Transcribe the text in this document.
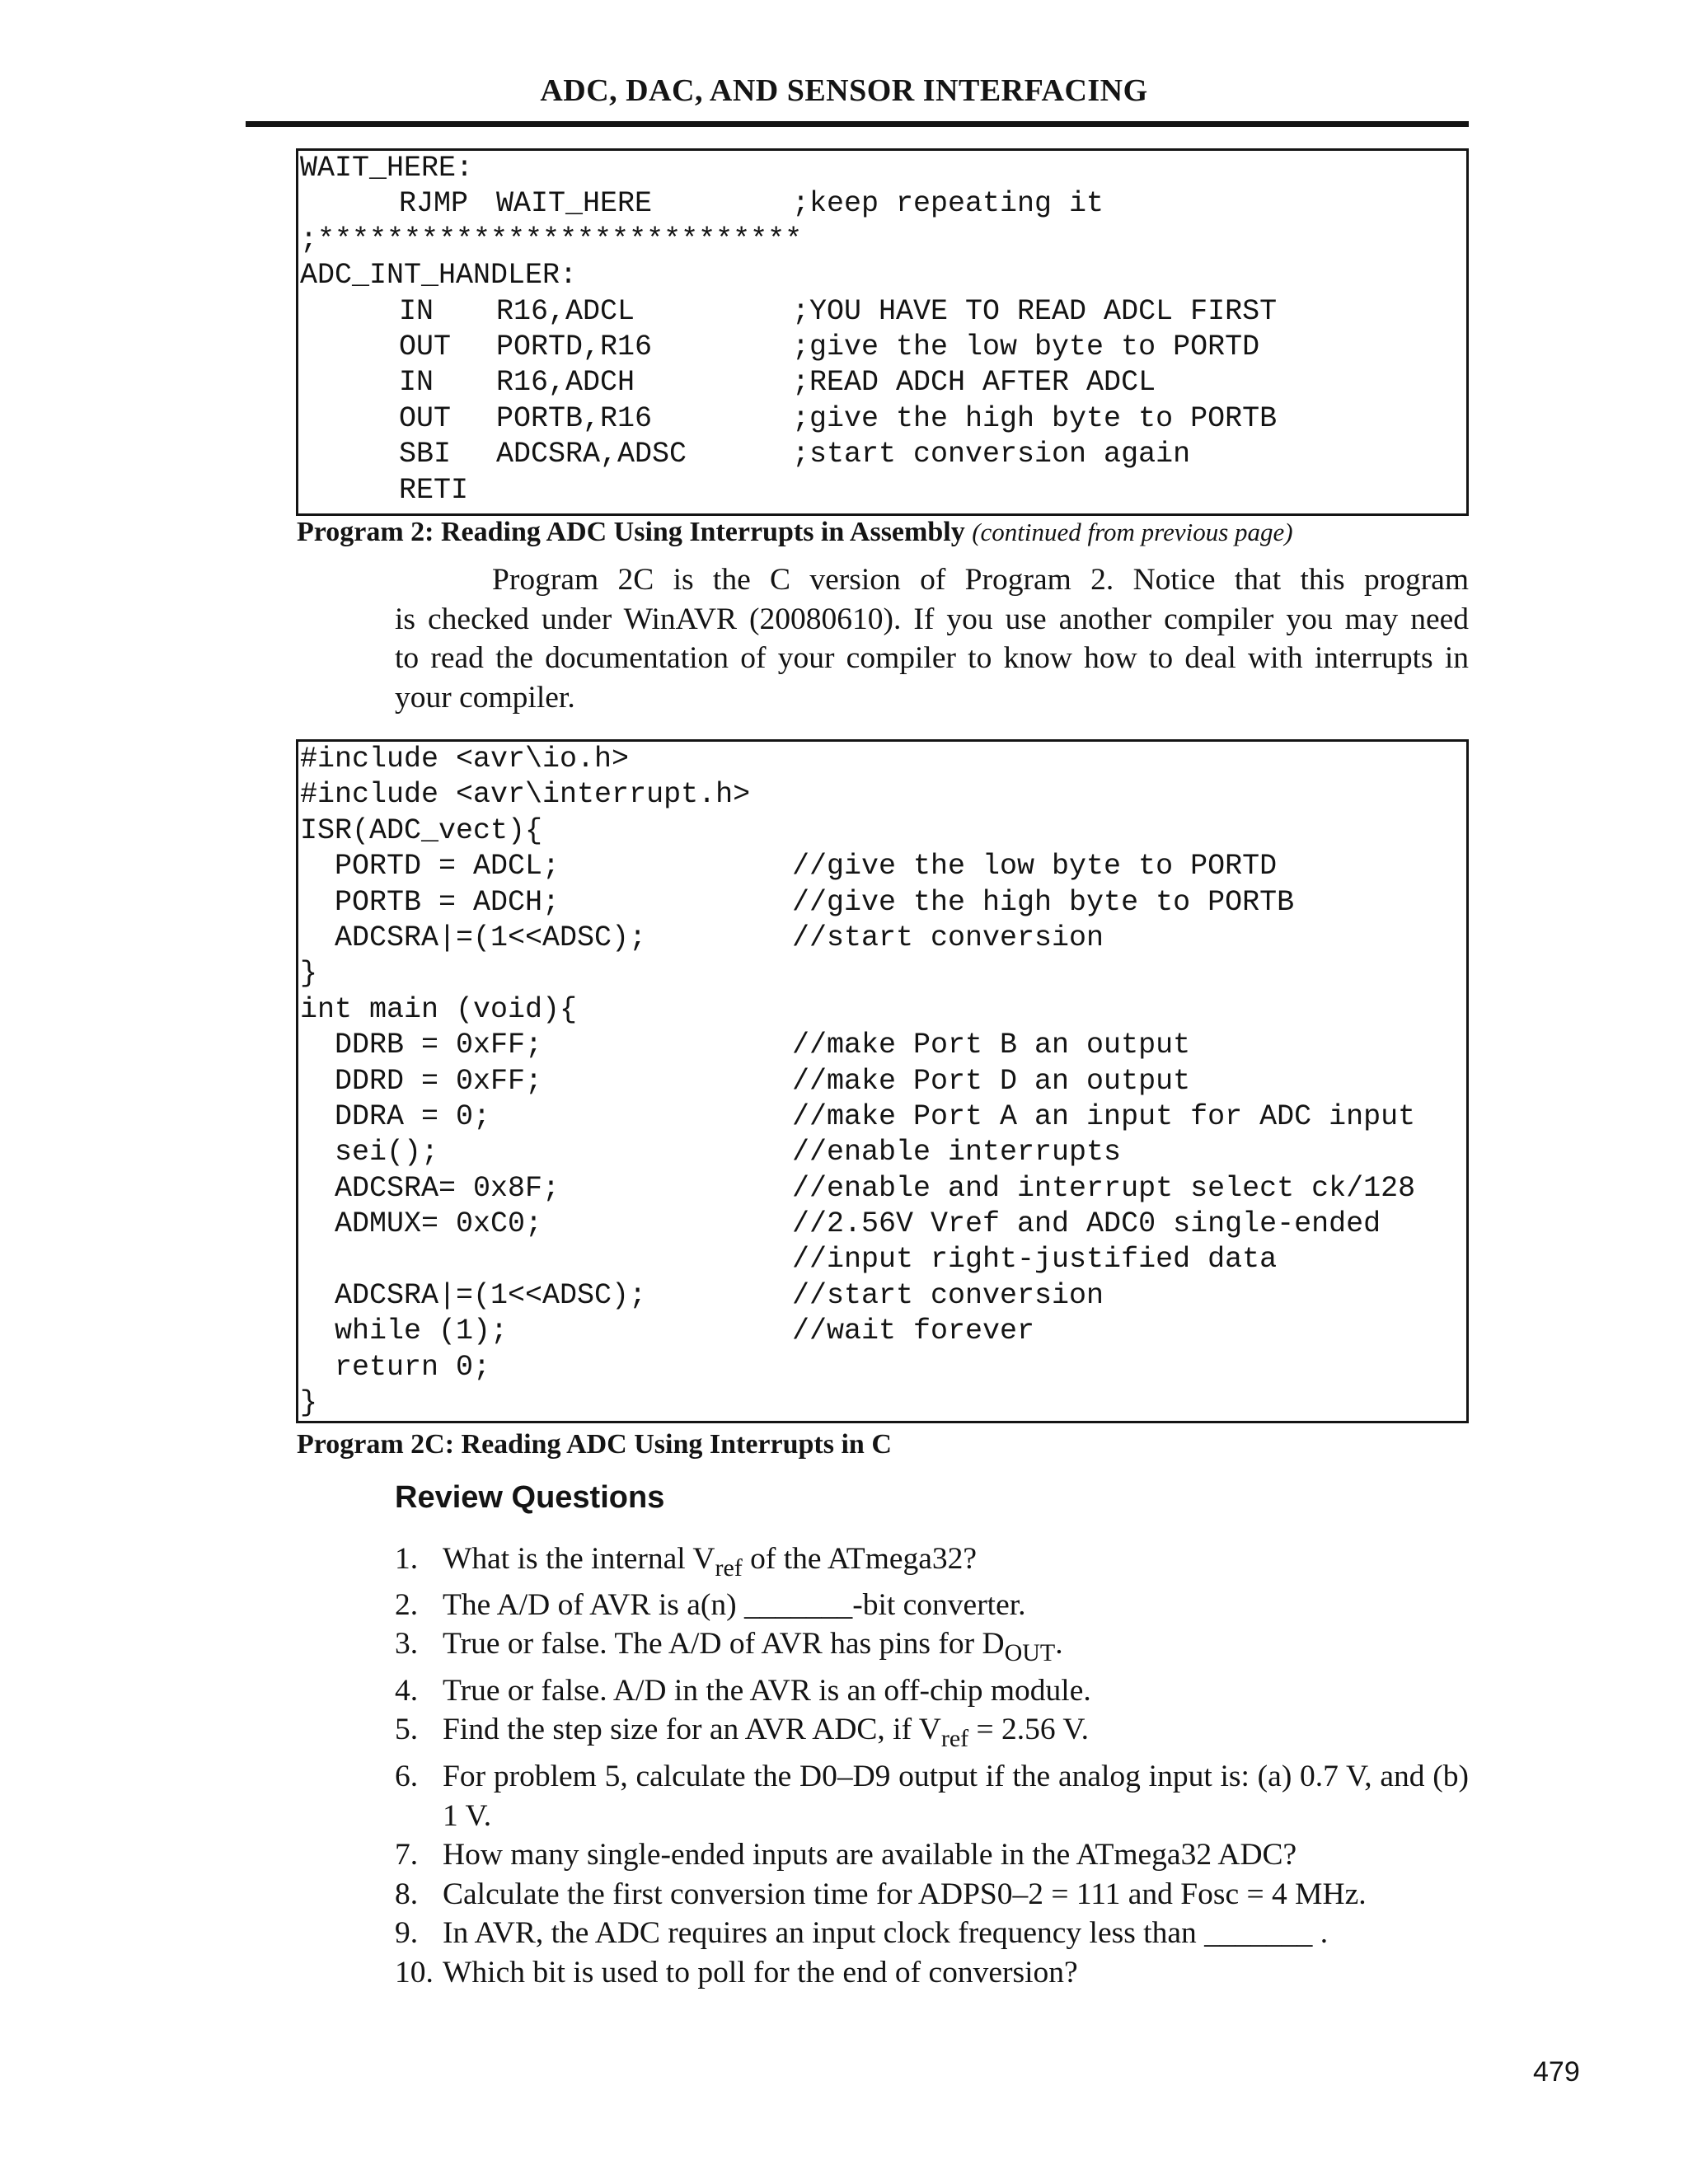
ADC, DAC, AND SENSOR INTERFACING
WAIT_HERE:
RJMP WAIT_HERE	;keep repeating it
;****************************
ADC_INT_HANDLER:
IN R16,ADCL	;YOU HAVE TO READ ADCL FIRST
OUT PORTD,R16	;give the low byte to PORTD
IN R16,ADCH	;READ ADCH AFTER ADCL
OUT PORTB,R16	;give the high byte to PORTB
SBI ADCSRA,ADSC	;start conversion again
RETI
Program 2: Reading ADC Using Interrupts in Assembly (continued from previous page)
Program 2C is the C version of Program 2. Notice that this program
is checked under WinAVR (20080610). If you use another compiler you may need
to read the documentation of your compiler to know how to deal with interrupts in
your compiler.
#include <avr\io.h>
#include <avr\interrupt.h>
ISR(ADC_vect){
PORTD = ADCL;	//give the low byte to PORTD
PORTB = ADCH;	//give the high byte to PORTB
ADCSRA|=(1<<ADSC);	//start conversion
}
int main (void){
DDRB = 0xFF;	//make Port B an output
DDRD = 0xFF;	//make Port D an output
DDRA = 0;	//make Port A an input for ADC input
sei();	//enable interrupts
ADCSRA= 0x8F;	//enable and interrupt select ck/128
ADMUX= 0xC0;	//2.56V Vref and ADC0 single-ended
//input right-justified data
ADCSRA|=(1<<ADSC);	//start conversion
while (1);	//wait forever
return 0;
}
Program 2C: Reading ADC Using Interrupts in C
Review Questions
1. What is the internal $V_{ref}$ of the ATmega32?
2. The A/D of AVR is a(n) _______-bit converter.
3. True or false. The A/D of AVR has pins for $D_{OUT}$.
4. True or false. A/D in the AVR is an off-chip module.
5. Find the step size for an AVR ADC, if $V_{ref} = 2.56$ V.
6. For problem 5, calculate the D0–D9 output if the analog input is: (a) 0.7 V, and (b) 1 V.
7. How many single-ended inputs are available in the ATmega32 ADC?
8. Calculate the first conversion time for ADPS0–2 = 111 and Fosc = 4 MHz.
9. In AVR, the ADC requires an input clock frequency less than _______ .
10. Which bit is used to poll for the end of conversion?
479
